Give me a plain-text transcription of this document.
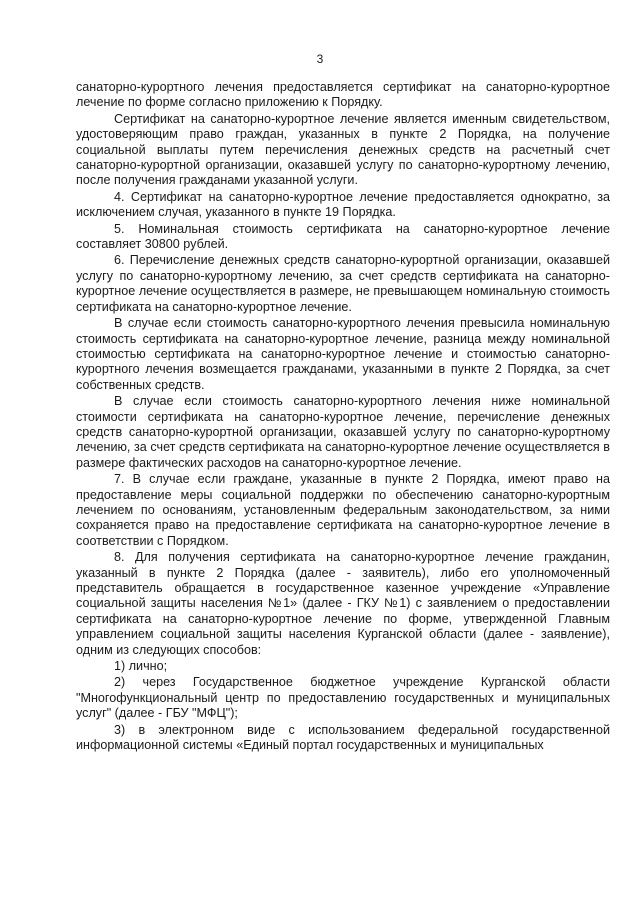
3

санаторно-курортного лечения предоставляется сертификат на санаторно-курортное лечение по форме согласно приложению к Порядку.

Сертификат на санаторно-курортное лечение является именным свидетельством, удостоверяющим право граждан, указанных в пункте 2 Порядка, на получение социальной выплаты путем перечисления денежных средств на расчетный счет санаторно-курортной организации, оказавшей услугу по санаторно-курортному лечению, после получения гражданами указанной услуги.

4. Сертификат на санаторно-курортное лечение предоставляется однократно, за исключением случая, указанного в пункте 19 Порядка.

5. Номинальная стоимость сертификата на санаторно-курортное лечение составляет 30800 рублей.

6. Перечисление денежных средств санаторно-курортной организации, оказавшей услугу по санаторно-курортному лечению, за счет средств сертификата на санаторно-курортное лечение осуществляется в размере, не превышающем номинальную стоимость сертификата на санаторно-курортное лечение.

В случае если стоимость санаторно-курортного лечения превысила номинальную стоимость сертификата на санаторно-курортное лечение, разница между номинальной стоимостью сертификата на санаторно-курортное лечение и стоимостью санаторно-курортного лечения возмещается гражданами, указанными в пункте 2 Порядка, за счет собственных средств.

В случае если стоимость санаторно-курортного лечения ниже номинальной стоимости сертификата на санаторно-курортное лечение, перечисление денежных средств санаторно-курортной организации, оказавшей услугу по санаторно-курортному лечению, за счет средств сертификата на санаторно-курортное лечение осуществляется в размере фактических расходов на санаторно-курортное лечение.

7. В случае если граждане, указанные в пункте 2 Порядка, имеют право на предоставление меры социальной поддержки по обеспечению санаторно-курортным лечением по основаниям, установленным федеральным законодательством, за ними сохраняется право на предоставление сертификата на санаторно-курортное лечение в соответствии с Порядком.

8. Для получения сертификата на санаторно-курортное лечение гражданин, указанный в пункте 2 Порядка (далее - заявитель), либо его уполномоченный представитель обращается в государственное казенное учреждение «Управление социальной защиты населения №1» (далее - ГКУ №1) с заявлением о предоставлении сертификата на санаторно-курортное лечение по форме, утвержденной Главным управлением социальной защиты населения Курганской области (далее - заявление), одним из следующих способов:

1) лично;

2) через Государственное бюджетное учреждение Курганской области "Многофункциональный центр по предоставлению государственных и муниципальных услуг" (далее - ГБУ "МФЦ");

3) в электронном виде с использованием федеральной государственной информационной системы «Единый портал государственных и муниципальных
